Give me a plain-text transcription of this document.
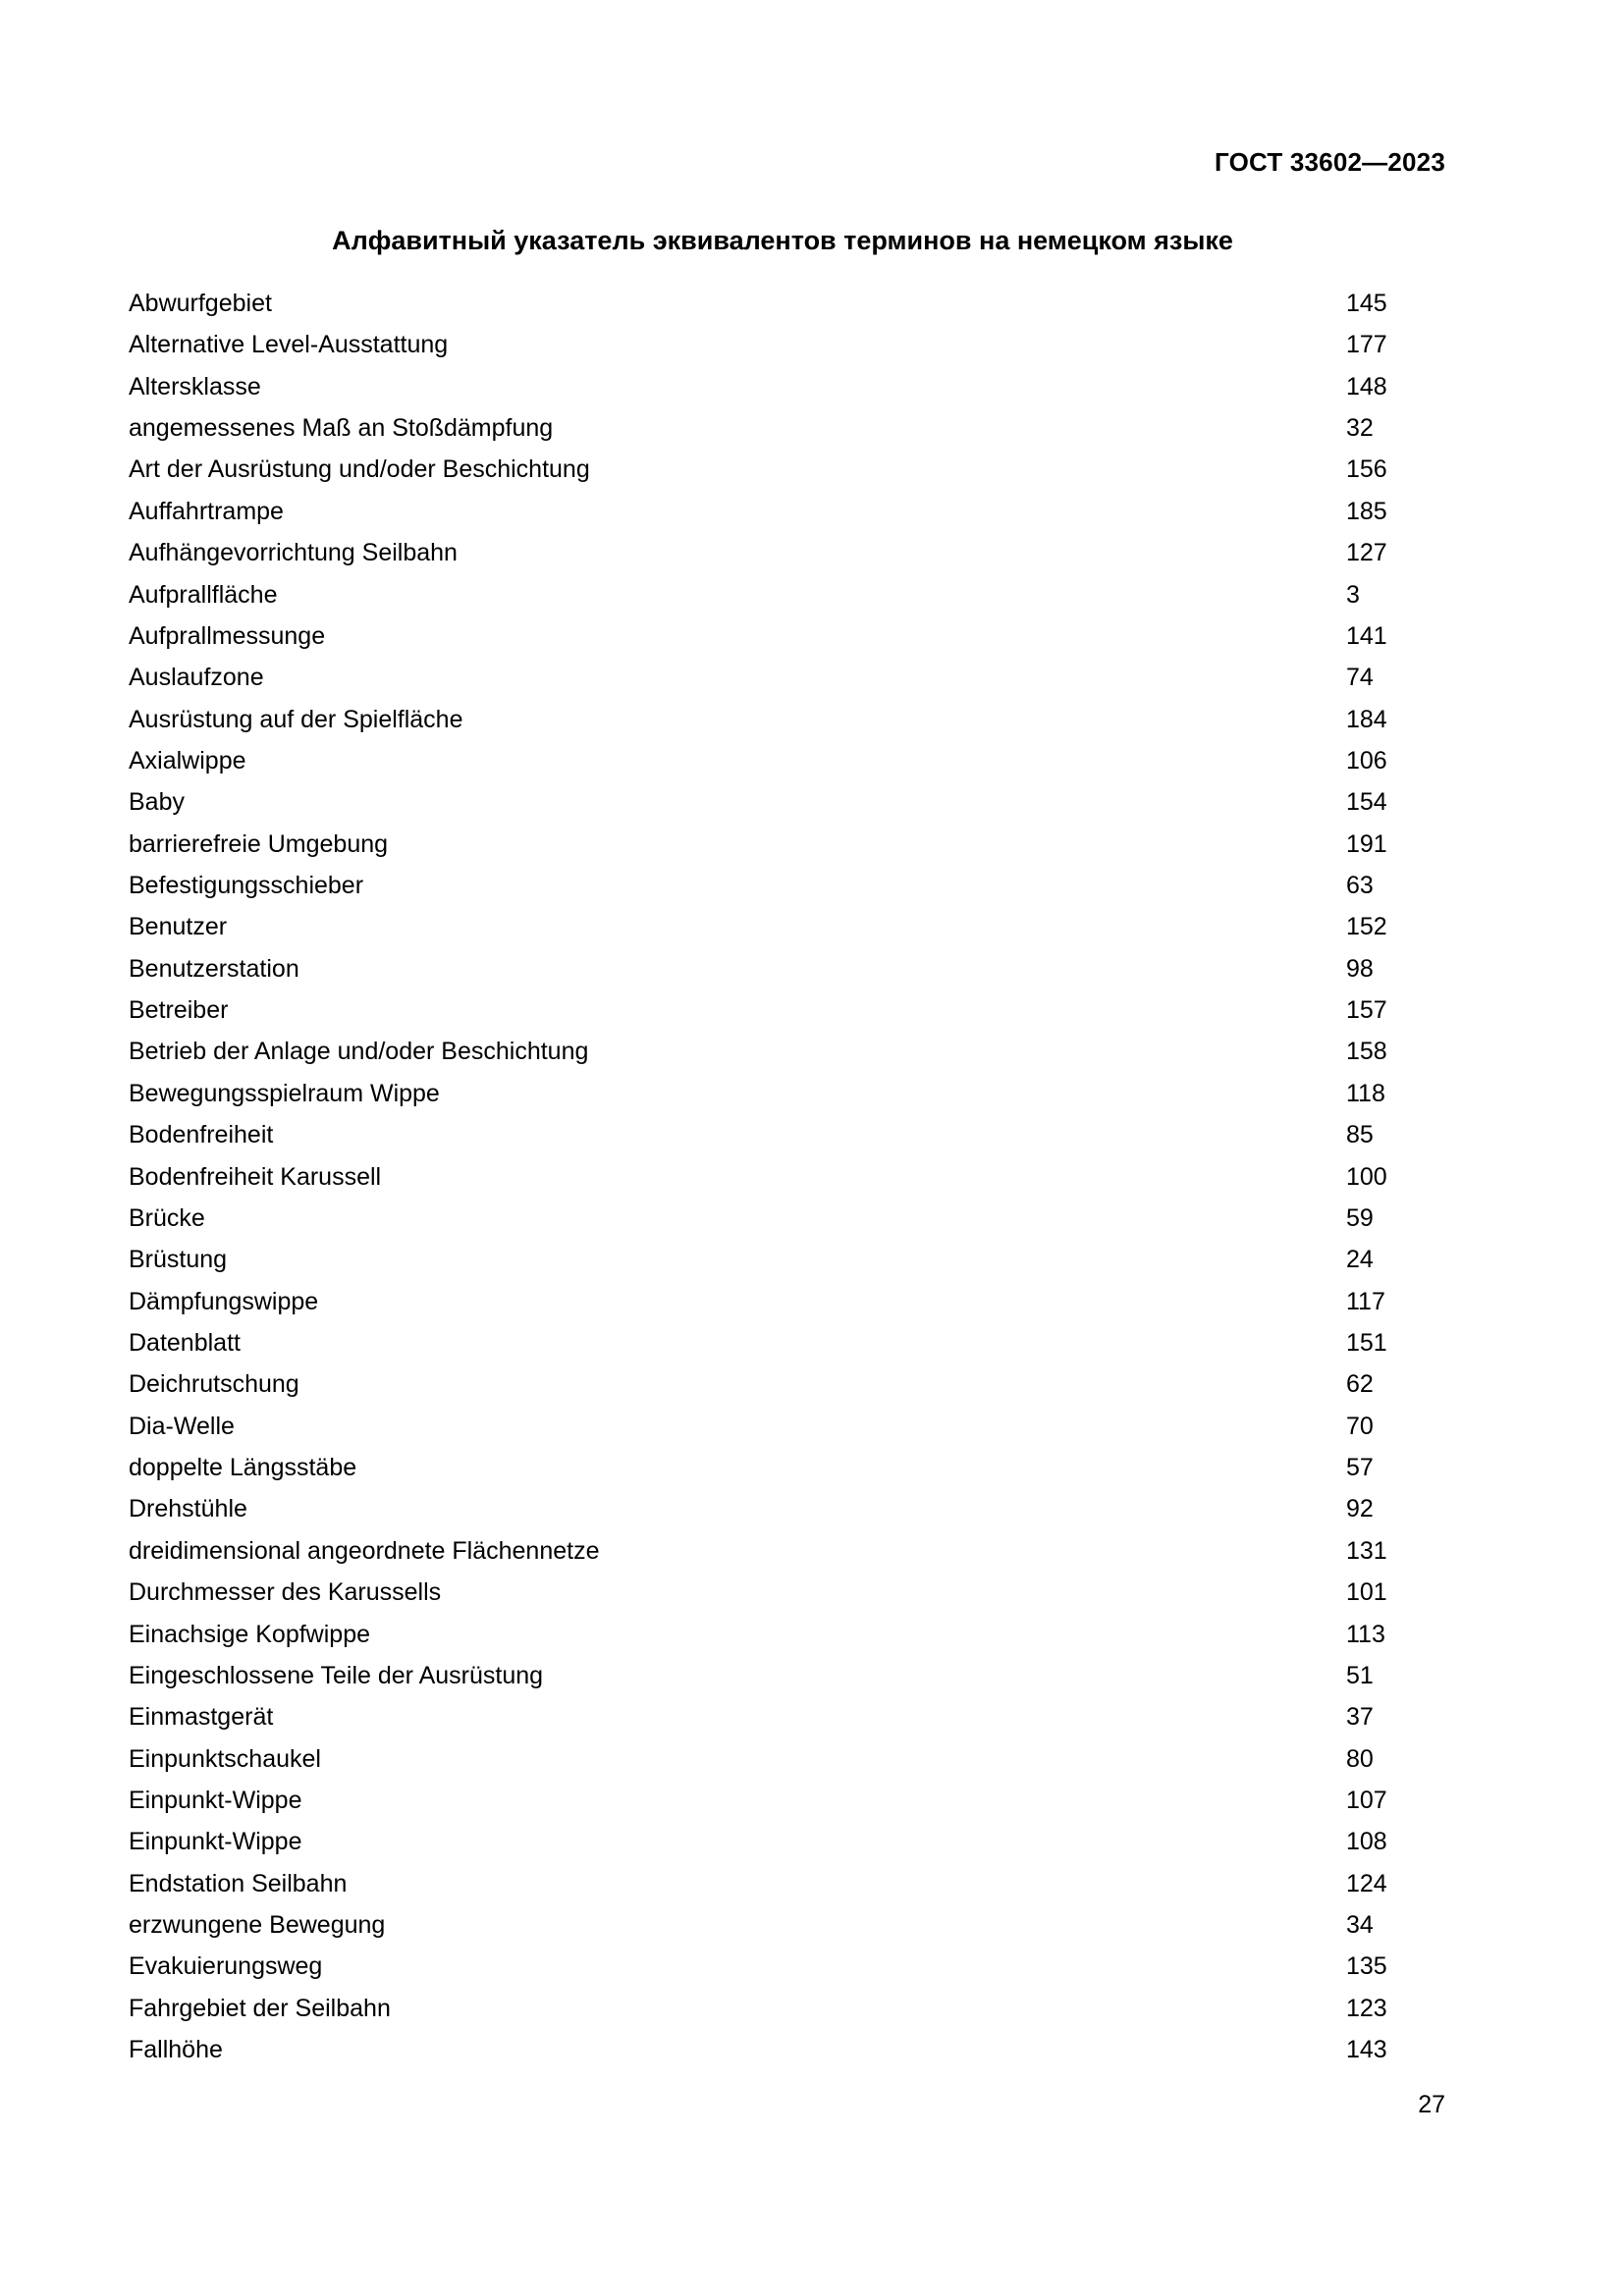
ГОСТ 33602—2023
Алфавитный указатель эквивалентов терминов на немецком языке
Abwurfgebiet	145
Alternative Level-Ausstattung	177
Altersklasse	148
angemessenes Maß an Stoßdämpfung	32
Art der Ausrüstung und/oder Beschichtung	156
Auffahrtrampe	185
Aufhängevorrichtung Seilbahn	127
Aufprallfläche	3
Aufprallmessunge	141
Auslaufzone	74
Ausrüstung auf der Spielfläche	184
Axialwippe	106
Baby	154
barrierefreie Umgebung	191
Befestigungsschieber	63
Benutzer	152
Benutzerstation	98
Betreiber	157
Betrieb der Anlage und/oder Beschichtung	158
Bewegungsspielraum Wippe	118
Bodenfreiheit	85
Bodenfreiheit Karussell	100
Brücke	59
Brüstung	24
Dämpfungswippe	117
Datenblatt	151
Deichrutschung	62
Dia-Welle	70
doppelte Längsstäbe	57
Drehstühle	92
dreidimensional angeordnete Flächennetze	131
Durchmesser des Karussells	101
Einachsige Kopfwippe	113
Eingeschlossene Teile der Ausrüstung	51
Einmastgerät	37
Einpunktschaukel	80
Einpunkt-Wippe	107
Einpunkt-Wippe	108
Endstation Seilbahn	124
erzwungene Bewegung	34
Evakuierungsweg	135
Fahrgebiet der Seilbahn	123
Fallhöhe	143
27
